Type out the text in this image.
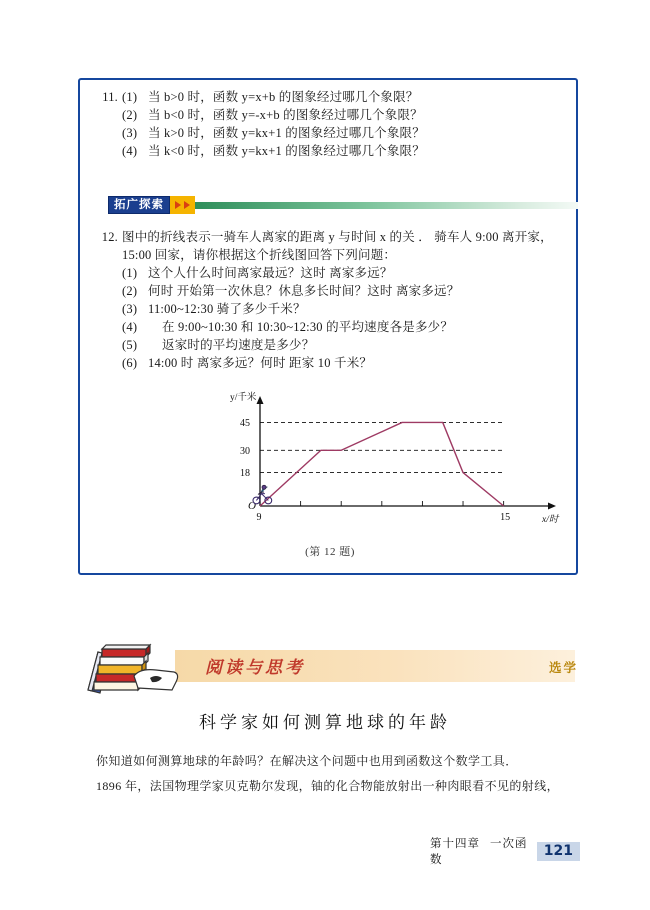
11. (1) 当 b>0 时，函数 y=x+b 的图象经过哪几个象限？
(2) 当 b<0 时，函数 y=-x+b 的图象经过哪几个象限？
(3) 当 k>0 时，函数 y=kx+1 的图象经过哪几个象限？
(4) 当 k<0 时，函数 y=kx+1 的图象经过哪几个象限？
拓广探索
12. 图中的折线表示一骑车人离家的距离 y 与时间 x 的关 ． 骑车人 9:00 离开家，
15:00 回家，请你根据这个折线图回答下列问题：
(1) 这个人什么时间离家最远？这时 离家多远？
(2) 何时 开始第一次休息？休息多长时间？这时 离家多远？
(3) 11:00~12:30 骑了多少千米？
(4)	在 9:00~10:30 和 10:30~12:30 的平均速度各是多少？
(5)	返家时的平均速度是多少？
(6) 14:00 时 离家多远？何时 距家 10 千米？
y/千米
x/时
O
18
30
45
9	15
(第 12 题)
阅读与思考	选学
科学家如何测算地球的年龄
你知道如何测算地球的年龄吗？在解决这个问题中也用到函数这个数学工具．
1896 年，法国物理学家贝克勒尔发现，铀的化合物能放射出一种肉眼看不见的射线，
第十四章 一次函数
121
